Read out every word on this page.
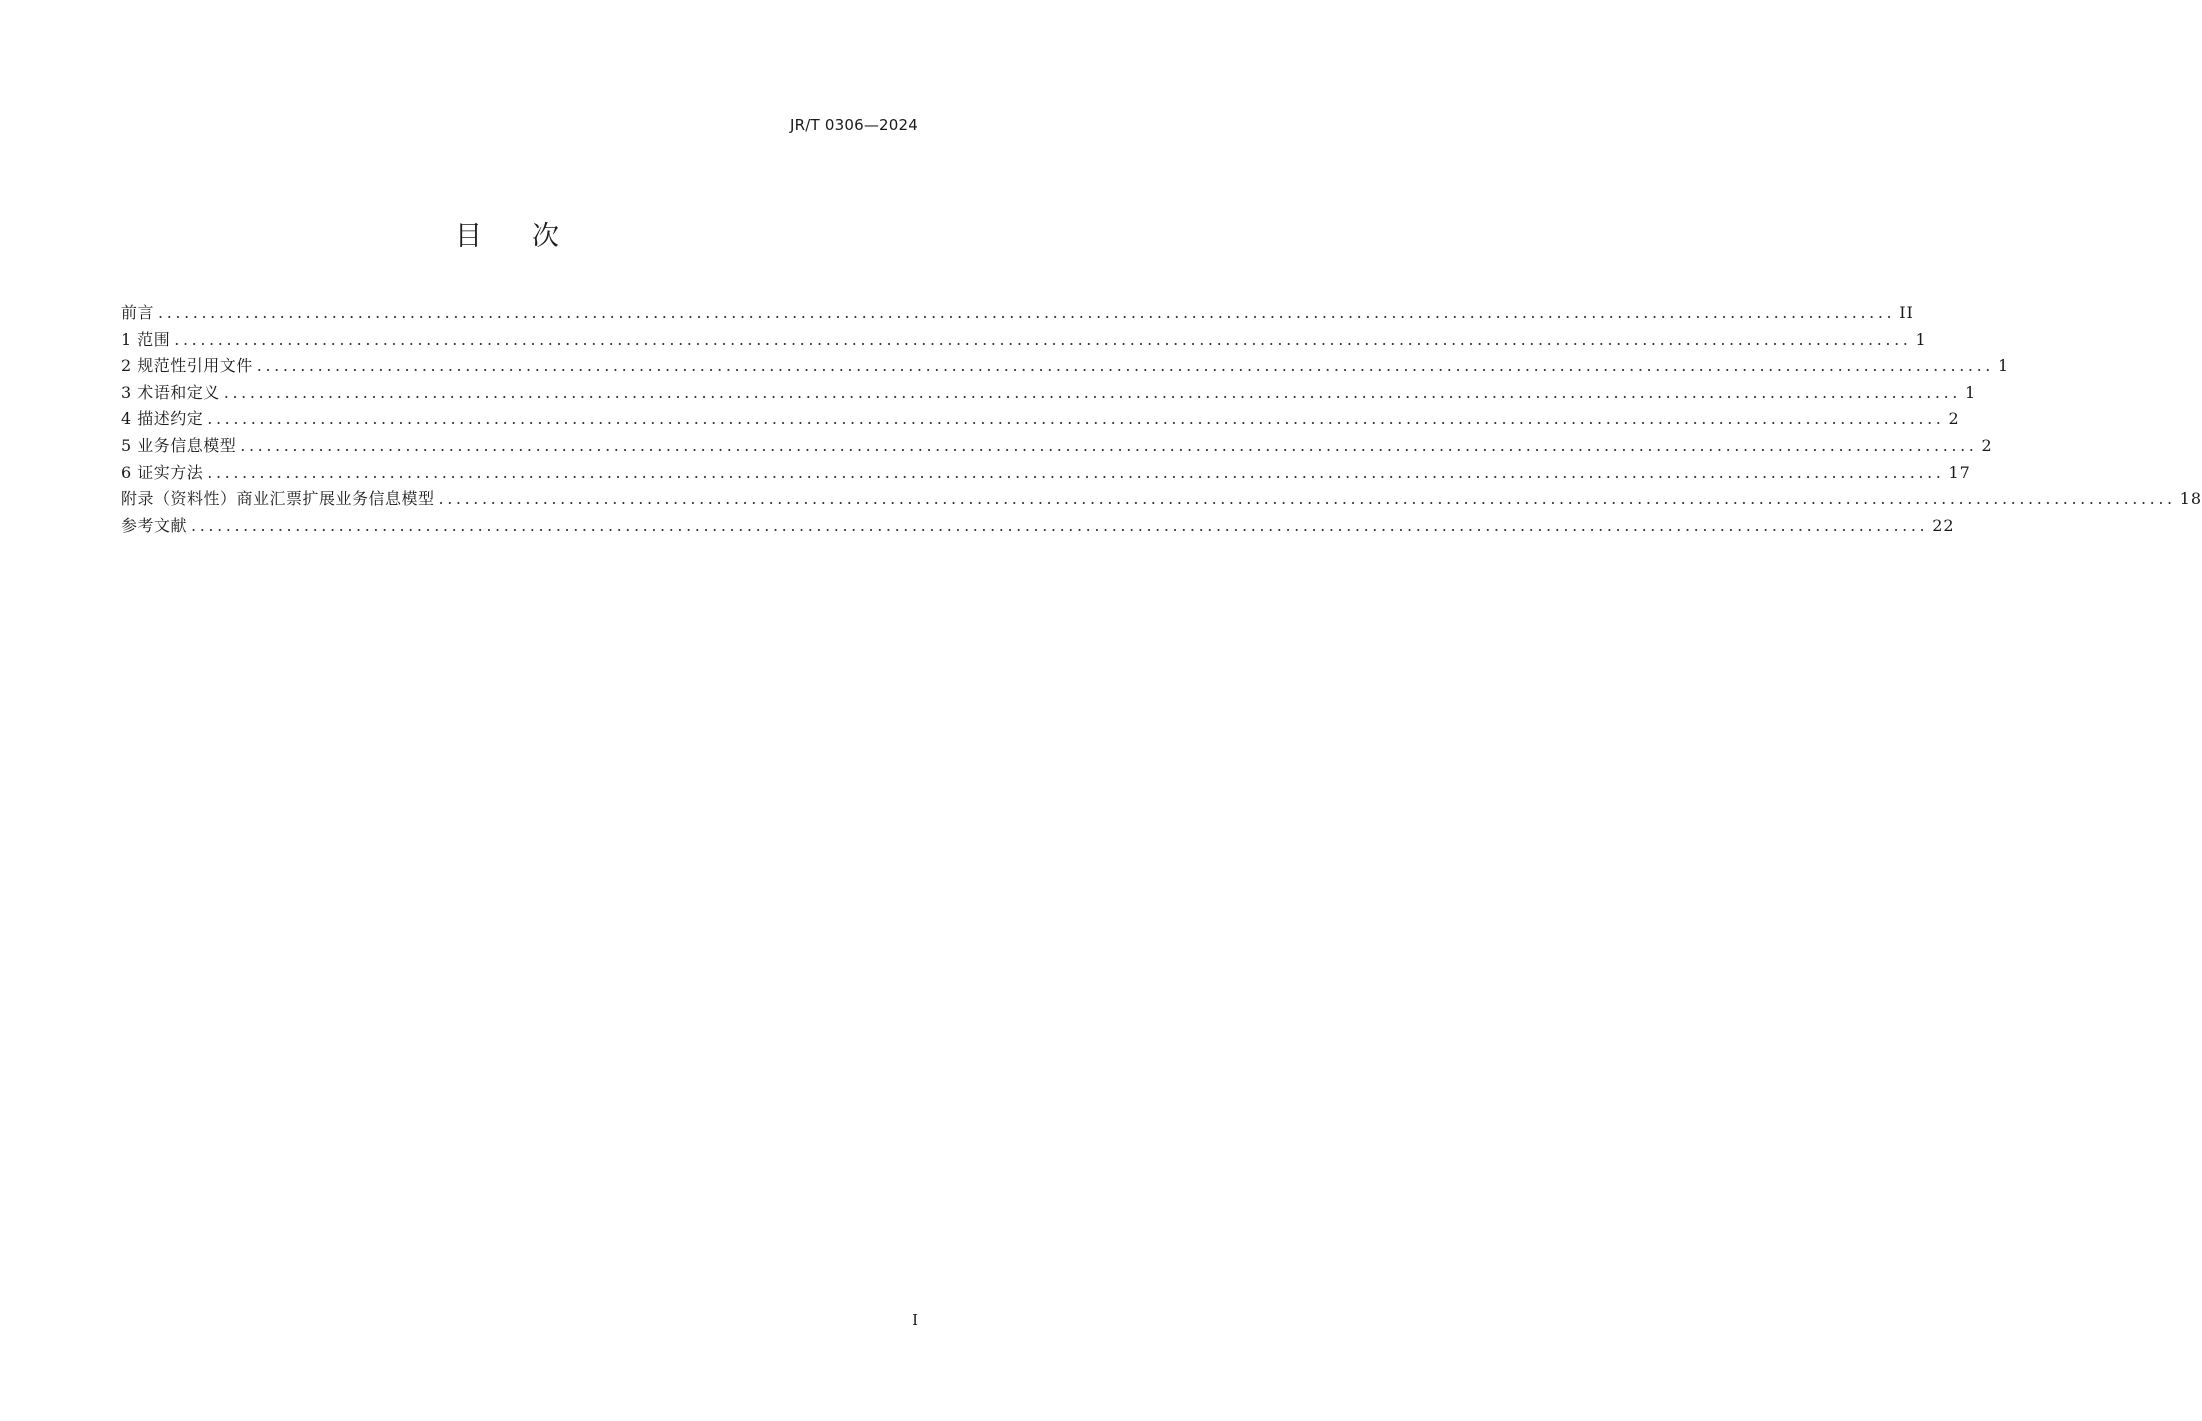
JR/T 0306—2024
目次
前言 ........................................................................................................................................................................................................ II
1 范围 ........................................................................................................................................................................................................ 1
2 规范性引用文件 ........................................................................................................................................................................................................ 1
3 术语和定义 ........................................................................................................................................................................................................ 1
4 描述约定 ........................................................................................................................................................................................................ 2
5 业务信息模型 ........................................................................................................................................................................................................ 2
6 证实方法 ........................................................................................................................................................................................................ 17
附录（资料性）商业汇票扩展业务信息模型 ........................................................................................................................................................................................................ 18
参考文献 ........................................................................................................................................................................................................ 22
I
